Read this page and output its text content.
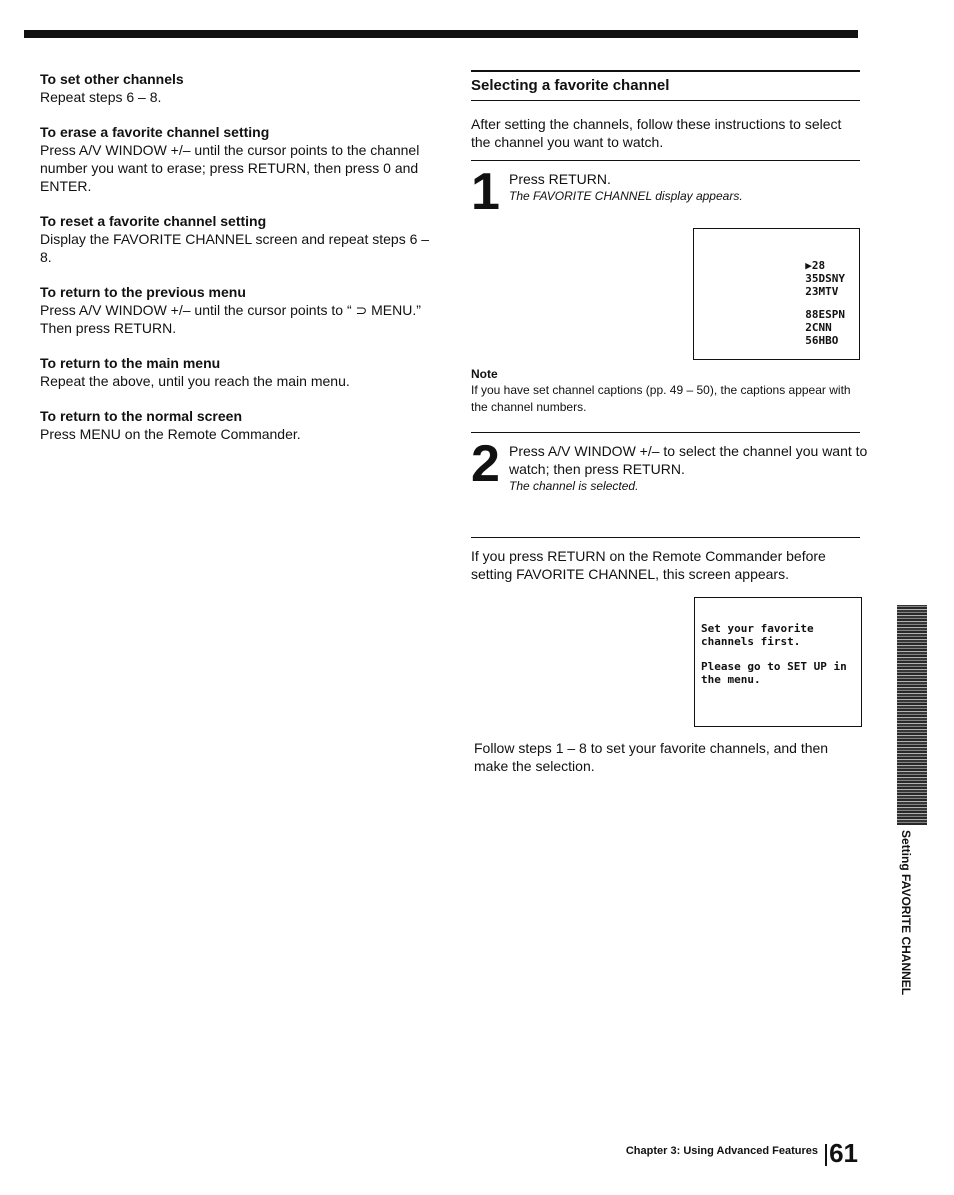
To set other channels

Repeat steps 6 – 8.

To erase a favorite channel setting

Press A/V WINDOW +/– until the cursor points to the channel number you want to erase; press RETURN, then press 0 and ENTER.

To reset a favorite channel setting

Display the FAVORITE CHANNEL screen and repeat steps 6 – 8.

To return to the previous menu

Press A/V WINDOW +/– until the cursor points to “ ⊃ MENU.”

Then press RETURN.

To return to the main menu

Repeat the above, until you reach the main menu.

To return to the normal screen

Press MENU on the Remote Commander.

Selecting a favorite channel

After setting the channels, follow these instructions to select the channel you want to watch.

1 Press RETURN.

The FAVORITE CHANNEL display appears.

▶28
35DSNY
23MTV
88ESPN
2CNN
56HBO
Note

If you have set channel captions (pp. 49 – 50), the captions appear with the channel numbers.

2 Press A/V WINDOW +/– to select the channel you want to watch; then press RETURN.

The channel is selected.

If you press RETURN on the Remote Commander before setting FAVORITE CHANNEL, this screen appears.

Set your favorite channels first.
Please go to SET UP in the menu.

Follow steps 1 – 8 to set your favorite channels, and then make the selection.

Setting FAVORITE CHANNEL
Chapter 3: Using Advanced Features 61
